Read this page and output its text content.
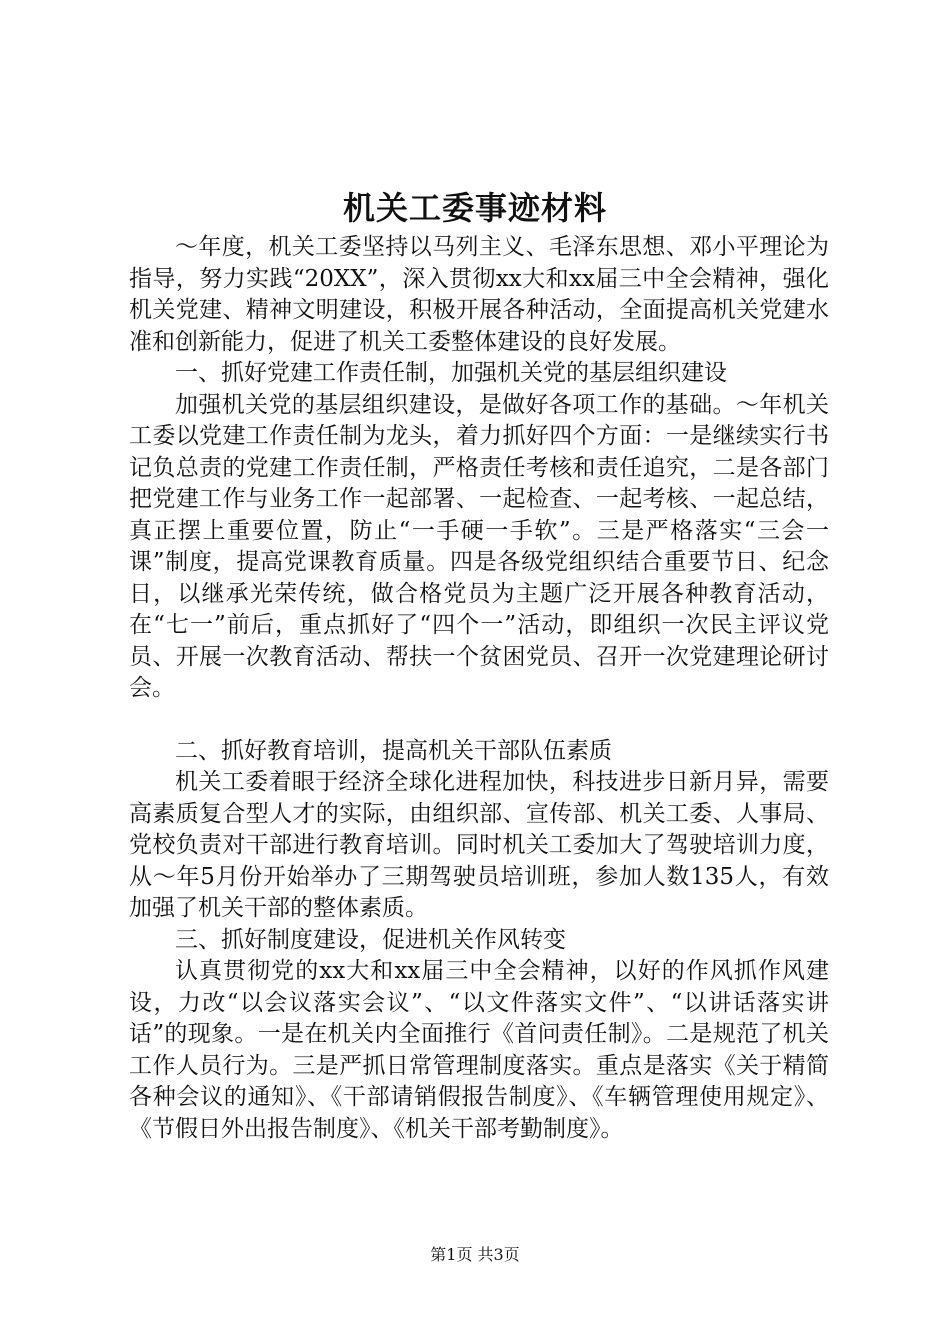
机关工委事迹材料

～年度，机关工委坚持以马列主义、毛泽东思想、邓小平理论为指导，努力实践“20XX”，深入贯彻xx大和xx届三中全会精神，强化机关党建、精神文明建设，积极开展各种活动，全面提高机关党建水准和创新能力，促进了机关工委整体建设的良好发展。

一、抓好党建工作责任制，加强机关党的基层组织建设

加强机关党的基层组织建设，是做好各项工作的基础。～年机关工委以党建工作责任制为龙头，着力抓好四个方面：一是继续实行书记负总责的党建工作责任制，严格责任考核和责任追究，二是各部门把党建工作与业务工作一起部署、一起检查、一起考核、一起总结，真正摆上重要位置，防止“一手硬一手软”。三是严格落实“三会一课”制度，提高党课教育质量。四是各级党组织结合重要节日、纪念日，以继承光荣传统，做合格党员为主题广泛开展各种教育活动，在“七一”前后，重点抓好了“四个一”活动，即组织一次民主评议党员、开展一次教育活动、帮扶一个贫困党员、召开一次党建理论研讨会。

二、抓好教育培训，提高机关干部队伍素质

机关工委着眼于经济全球化进程加快，科技进步日新月异，需要高素质复合型人才的实际，由组织部、宣传部、机关工委、人事局、党校负责对干部进行教育培训。同时机关工委加大了驾驶培训力度，从～年5月份开始举办了三期驾驶员培训班，参加人数135人，有效加强了机关干部的整体素质。

三、抓好制度建设，促进机关作风转变

认真贯彻党的xx大和xx届三中全会精神，以好的作风抓作风建设，力改“以会议落实会议”、“以文件落实文件”、“以讲话落实讲话”的现象。一是在机关内全面推行《首问责任制》。二是规范了机关工作人员行为。三是严抓日常管理制度落实。重点是落实《关于精简各种会议的通知》、《干部请销假报告制度》、《车辆管理使用规定》、《节假日外出报告制度》、《机关干部考勤制度》。

第1页 共3页
